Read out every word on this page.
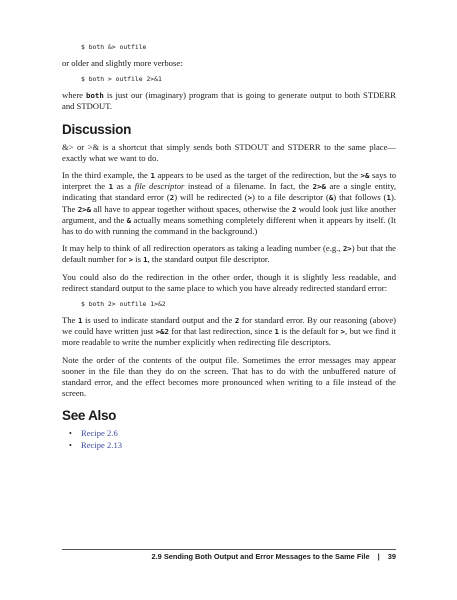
$ both &> outfile

or older and slightly more verbose:

$ both > outfile 2>&1

where both is just our (imaginary) program that is going to generate output to both STDERR and STDOUT.

Discussion

&> or >& is a shortcut that simply sends both STDOUT and STDERR to the same place—exactly what we want to do.

In the third example, the 1 appears to be used as the target of the redirection, but the >& says to interpret the 1 as a file descriptor instead of a filename. In fact, the 2>& are a single entity, indicating that standard error (2) will be redirected (>) to a file descriptor (&) that follows (1). The 2>& all have to appear together without spaces, otherwise the 2 would look just like another argument, and the & actually means something completely different when it appears by itself. (It has to do with running the command in the background.)

It may help to think of all redirection operators as taking a leading number (e.g., 2>) but that the default number for > is 1, the standard output file descriptor.

You could also do the redirection in the other order, though it is slightly less readable, and redirect standard output to the same place to which you have already redirected standard error:

$ both 2> outfile 1>&2

The 1 is used to indicate standard output and the 2 for standard error. By our reasoning (above) we could have written just >&2 for that last redirection, since 1 is the default for >, but we find it more readable to write the number explicitly when redirecting file descriptors.

Note the order of the contents of the output file. Sometimes the error messages may appear sooner in the file than they do on the screen. That has to do with the unbuffered nature of standard error, and the effect becomes more pronounced when writing to a file instead of the screen.

See Also
• Recipe 2.6
• Recipe 2.13
2.9 Sending Both Output and Error Messages to the Same File | 39
